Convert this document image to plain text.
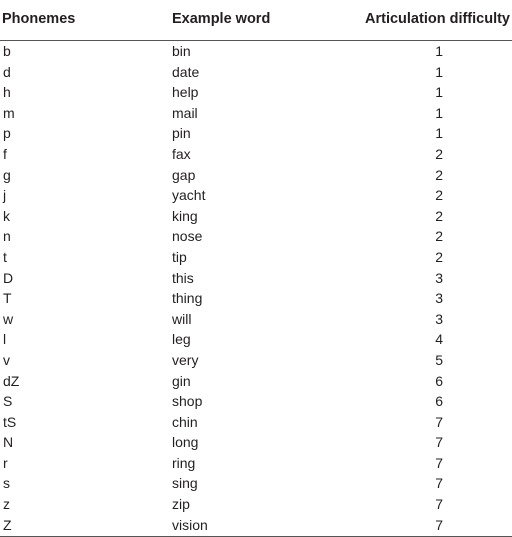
Phonemes	Example word	Articulation difficulty
b	bin	1
d	date	1
h	help	1
m	mail	1
p	pin	1
f	fax	2
g	gap	2
j	yacht	2
k	king	2
n	nose	2
t	tip	2
D	this	3
T	thing	3
w	will	3
l	leg	4
v	very	5
dZ	gin	6
S	shop	6
tS	chin	7
N	long	7
r	ring	7
s	sing	7
z	zip	7
Z	vision	7
